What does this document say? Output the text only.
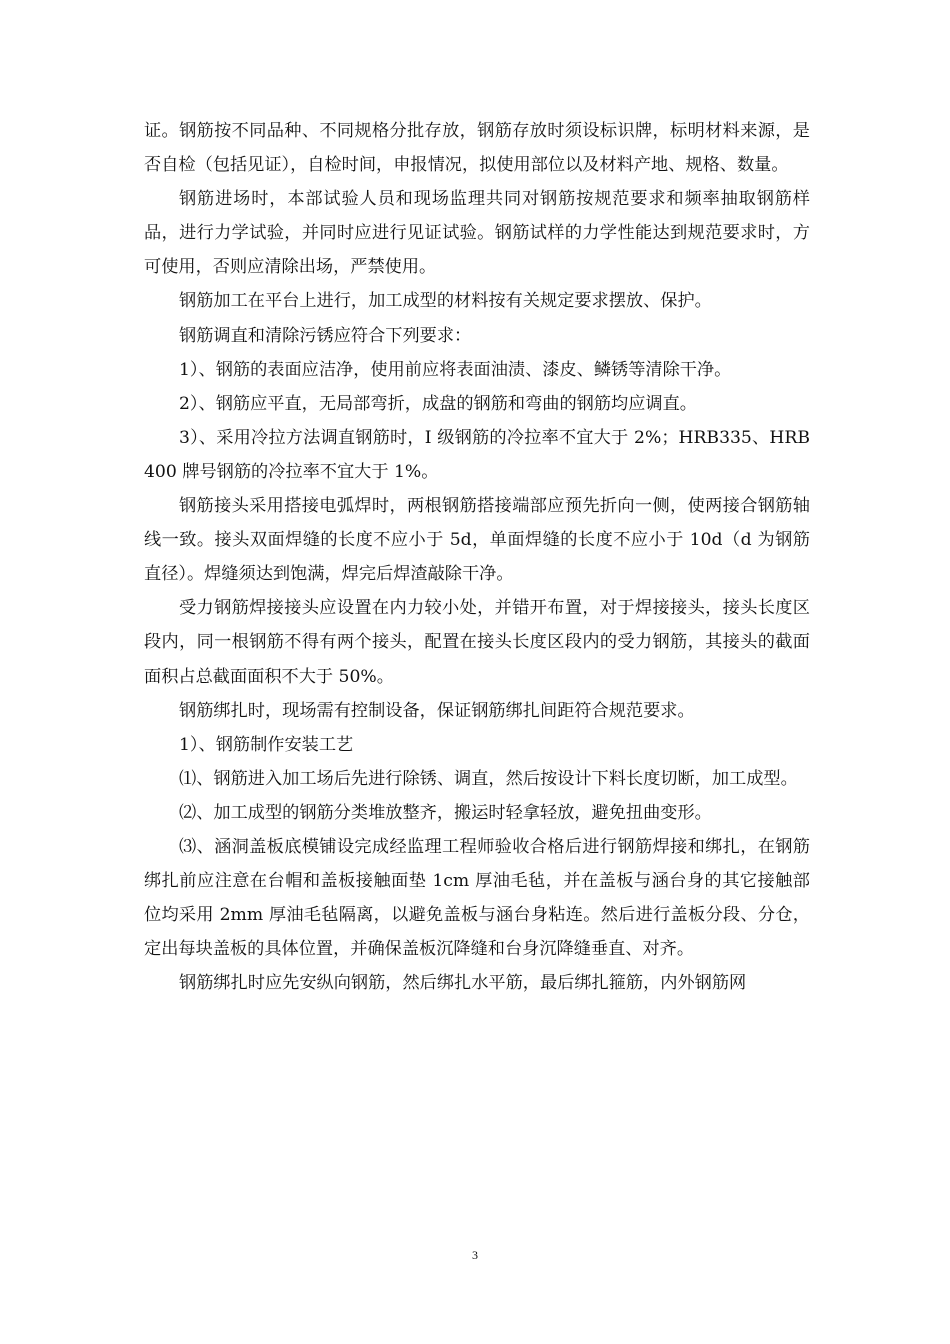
证。钢筋按不同品种、不同规格分批存放，钢筋存放时须设标识牌，标明材料来源，是否自检（包括见证），自检时间，申报情况，拟使用部位以及材料产地、规格、数量。

钢筋进场时，本部试验人员和现场监理共同对钢筋按规范要求和频率抽取钢筋样品，进行力学试验，并同时应进行见证试验。钢筋试样的力学性能达到规范要求时，方可使用，否则应清除出场，严禁使用。

钢筋加工在平台上进行，加工成型的材料按有关规定要求摆放、保护。

钢筋调直和清除污锈应符合下列要求：

1）、钢筋的表面应洁净，使用前应将表面油渍、漆皮、鳞锈等清除干净。

2）、钢筋应平直，无局部弯折，成盘的钢筋和弯曲的钢筋均应调直。

3）、采用冷拉方法调直钢筋时，I 级钢筋的冷拉率不宜大于 2%；HRB335、HRB400 牌号钢筋的冷拉率不宜大于 1%。

钢筋接头采用搭接电弧焊时，两根钢筋搭接端部应预先折向一侧，使两接合钢筋轴线一致。接头双面焊缝的长度不应小于 5d，单面焊缝的长度不应小于 10d（d 为钢筋直径）。焊缝须达到饱满，焊完后焊渣敲除干净。

受力钢筋焊接接头应设置在内力较小处，并错开布置，对于焊接接头，接头长度区段内，同一根钢筋不得有两个接头，配置在接头长度区段内的受力钢筋，其接头的截面面积占总截面面积不大于 50%。

钢筋绑扎时，现场需有控制设备，保证钢筋绑扎间距符合规范要求。

1）、钢筋制作安装工艺

⑴、钢筋进入加工场后先进行除锈、调直，然后按设计下料长度切断，加工成型。

⑵、加工成型的钢筋分类堆放整齐，搬运时轻拿轻放，避免扭曲变形。

⑶、涵洞盖板底模铺设完成经监理工程师验收合格后进行钢筋焊接和绑扎，在钢筋绑扎前应注意在台帽和盖板接触面垫 1cm 厚油毛毡，并在盖板与涵台身的其它接触部位均采用 2mm 厚油毛毡隔离，以避免盖板与涵台身粘连。然后进行盖板分段、分仓，定出每块盖板的具体位置，并确保盖板沉降缝和台身沉降缝垂直、对齐。

钢筋绑扎时应先安纵向钢筋，然后绑扎水平筋，最后绑扎箍筋，内外钢筋网

3
